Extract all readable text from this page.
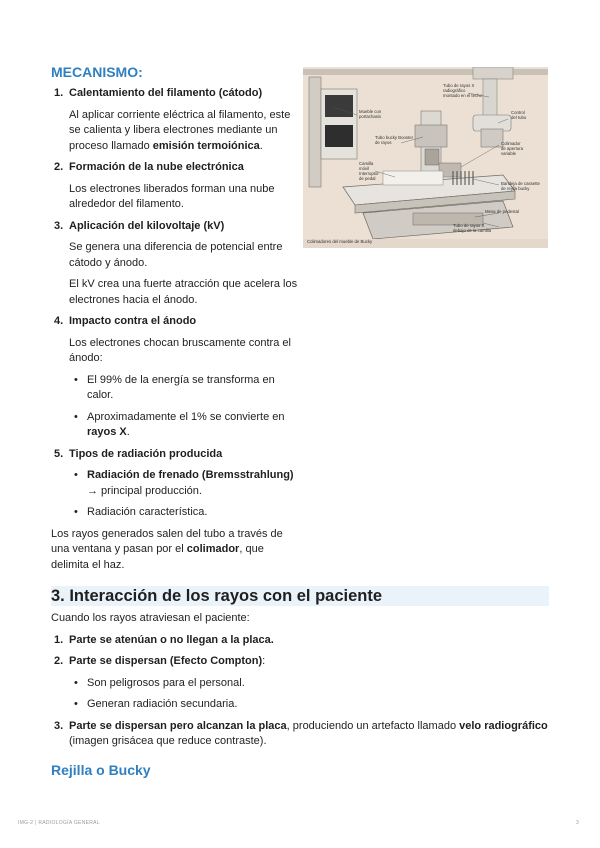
MECANISMO:
1. Calentamiento del filamento (cátodo)

Al aplicar corriente eléctrica al filamento, este se calienta y libera electrones mediante un proceso llamado emisión termoiónica.

2. Formación de la nube electrónica

Los electrones liberados forman una nube alrededor del filamento.

3. Aplicación del kilovoltaje (kV)

Se genera una diferencia de potencial entre cátodo y ánodo.

El kV crea una fuerte atracción que acelera los electrones hacia el ánodo.

4. Impacto contra el ánodo

Los electrones chocan bruscamente contra el ánodo:

• El 99% de la energía se transforma en calor.

• Aproximadamente el 1% se convierte en rayos X.

5. Tipos de radiación producida

• Radiación de frenado (Bremsstrahlung) → principal producción.

• Radiación característica.

Los rayos generados salen del tubo a través de una ventana y pasan por el colimador, que delimita el haz.

Tubo de rayos X
radiográfico
montado en el techo
Control
del tubo
Mueble con
portachasis
Tubo bucky Booster
de rayos	Colimador
de apertura
variable
Camilla
móvil
Interruptor
de pedal
Bandeja de cassette
de rejilla bucky
Mesa de pedestal
Tubo de rayos X
debajo de la camilla
Colimadores del mueble de Bucky
3. Interacción de los rayos con el paciente

Cuando los rayos atraviesan el paciente:

1. Parte se atenúan o no llegan a la placa.
2. Parte se dispersan (Efecto Compton):

• Son peligrosos para el personal.

• Generan radiación secundaria.

3. Parte se dispersan pero alcanzan la placa, produciendo un artefacto llamado velo radiográfico (imagen grisácea que reduce contraste).

Rejilla o Bucky
IMG-2 | RADIOLOGÍA GENERAL	3
